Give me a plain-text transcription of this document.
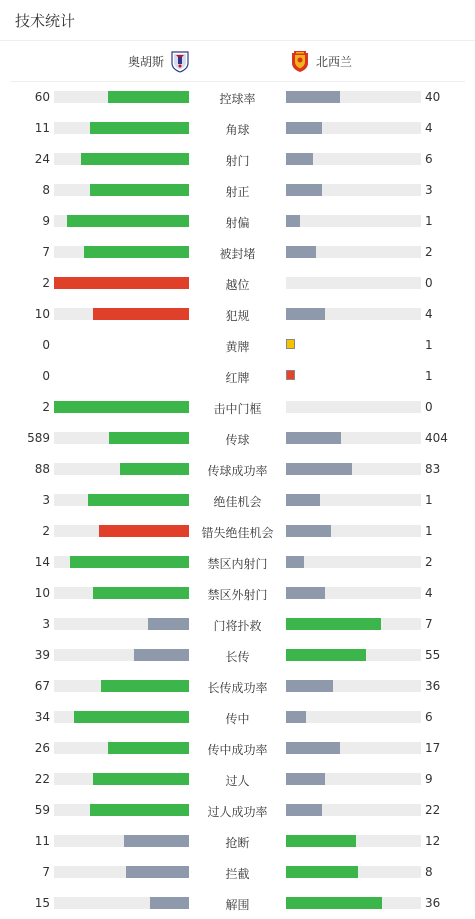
技术统计
奥胡斯	北西兰
60	控球率	40
11	角球	4
24	射门	6
8	射正	3
9	射偏	1
7	被封堵	2
2	越位	0
10	犯规	4
0	黄牌	1
0	红牌	1
2	击中门框	0
589	传球	404
88	传球成功率	83
3	绝佳机会	1
2	错失绝佳机会	1
14	禁区内射门	2
10	禁区外射门	4
3	门将扑救	7
39	长传	55
67	长传成功率	36
34	传中	6
26	传中成功率	17
22	过人	9
59	过人成功率	22
11	抢断	12
7	拦截	8
15	解围	36
